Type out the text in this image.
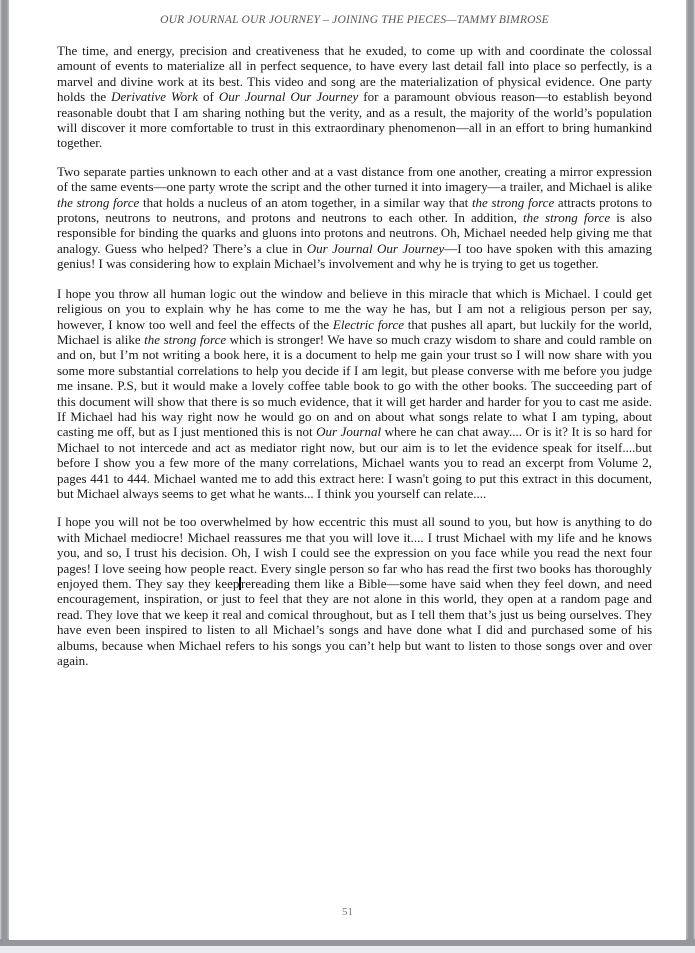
OUR JOURNAL OUR JOURNEY – JOINING THE PIECES—TAMMY BIMROSE

The time, and energy, precision and creativeness that he exuded, to come up with and coordinate the colossal amount of events to materialize all in perfect sequence, to have every last detail fall into place so perfectly, is a marvel and divine work at its best. This video and song are the materialization of physical evidence. One party holds the Derivative Work of Our Journal Our Journey for a paramount obvious reason—to establish beyond reasonable doubt that I am sharing nothing but the verity, and as a result, the majority of the world’s population will discover it more comfortable to trust in this extraordinary phenomenon—all in an effort to bring humankind together.

Two separate parties unknown to each other and at a vast distance from one another, creating a mirror expression of the same events—one party wrote the script and the other turned it into imagery—a trailer, and Michael is alike the strong force that holds a nucleus of an atom together, in a similar way that the strong force attracts protons to protons, neutrons to neutrons, and protons and neutrons to each other. In addition, the strong force is also responsible for binding the quarks and gluons into protons and neutrons. Oh, Michael needed help giving me that analogy. Guess who helped? There’s a clue in Our Journal Our Journey—I too have spoken with this amazing genius! I was considering how to explain Michael’s involvement and why he is trying to get us together.

I hope you throw all human logic out the window and believe in this miracle that which is Michael. I could get religious on you to explain why he has come to me the way he has, but I am not a religious person per say, however, I know too well and feel the effects of the Electric force that pushes all apart, but luckily for the world, Michael is alike the strong force which is stronger! We have so much crazy wisdom to share and could ramble on and on, but I’m not writing a book here, it is a document to help me gain your trust so I will now share with you some more substantial correlations to help you decide if I am legit, but please converse with me before you judge me insane. P.S, but it would make a lovely coffee table book to go with the other books. The succeeding part of this document will show that there is so much evidence, that it will get harder and harder for you to cast me aside. If Michael had his way right now he would go on and on about what songs relate to what I am typing, about casting me off, but as I just mentioned this is not Our Journal where he can chat away.... Or is it? It is so hard for Michael to not intercede and act as mediator right now, but our aim is to let the evidence speak for itself....but before I show you a few more of the many correlations, Michael wants you to read an excerpt from Volume 2, pages 441 to 444. Michael wanted me to add this extract here: I wasn't going to put this extract in this document, but Michael always seems to get what he wants... I think you yourself can relate....

I hope you will not be too overwhelmed by how eccentric this must all sound to you, but how is anything to do with Michael mediocre! Michael reassures me that you will love it.... I trust Michael with my life and he knows you, and so, I trust his decision. Oh, I wish I could see the expression on you face while you read the next four pages! I love seeing how people react. Every single person so far who has read the first two books has thoroughly enjoyed them. They say they keep rereading them like a Bible—some have said when they feel down, and need encouragement, inspiration, or just to feel that they are not alone in this world, they open at a random page and read. They love that we keep it real and comical throughout, but as I tell them that’s just us being ourselves. They have even been inspired to listen to all Michael’s songs and have done what I did and purchased some of his albums, because when Michael refers to his songs you can’t help but want to listen to those songs over and over again.

51
